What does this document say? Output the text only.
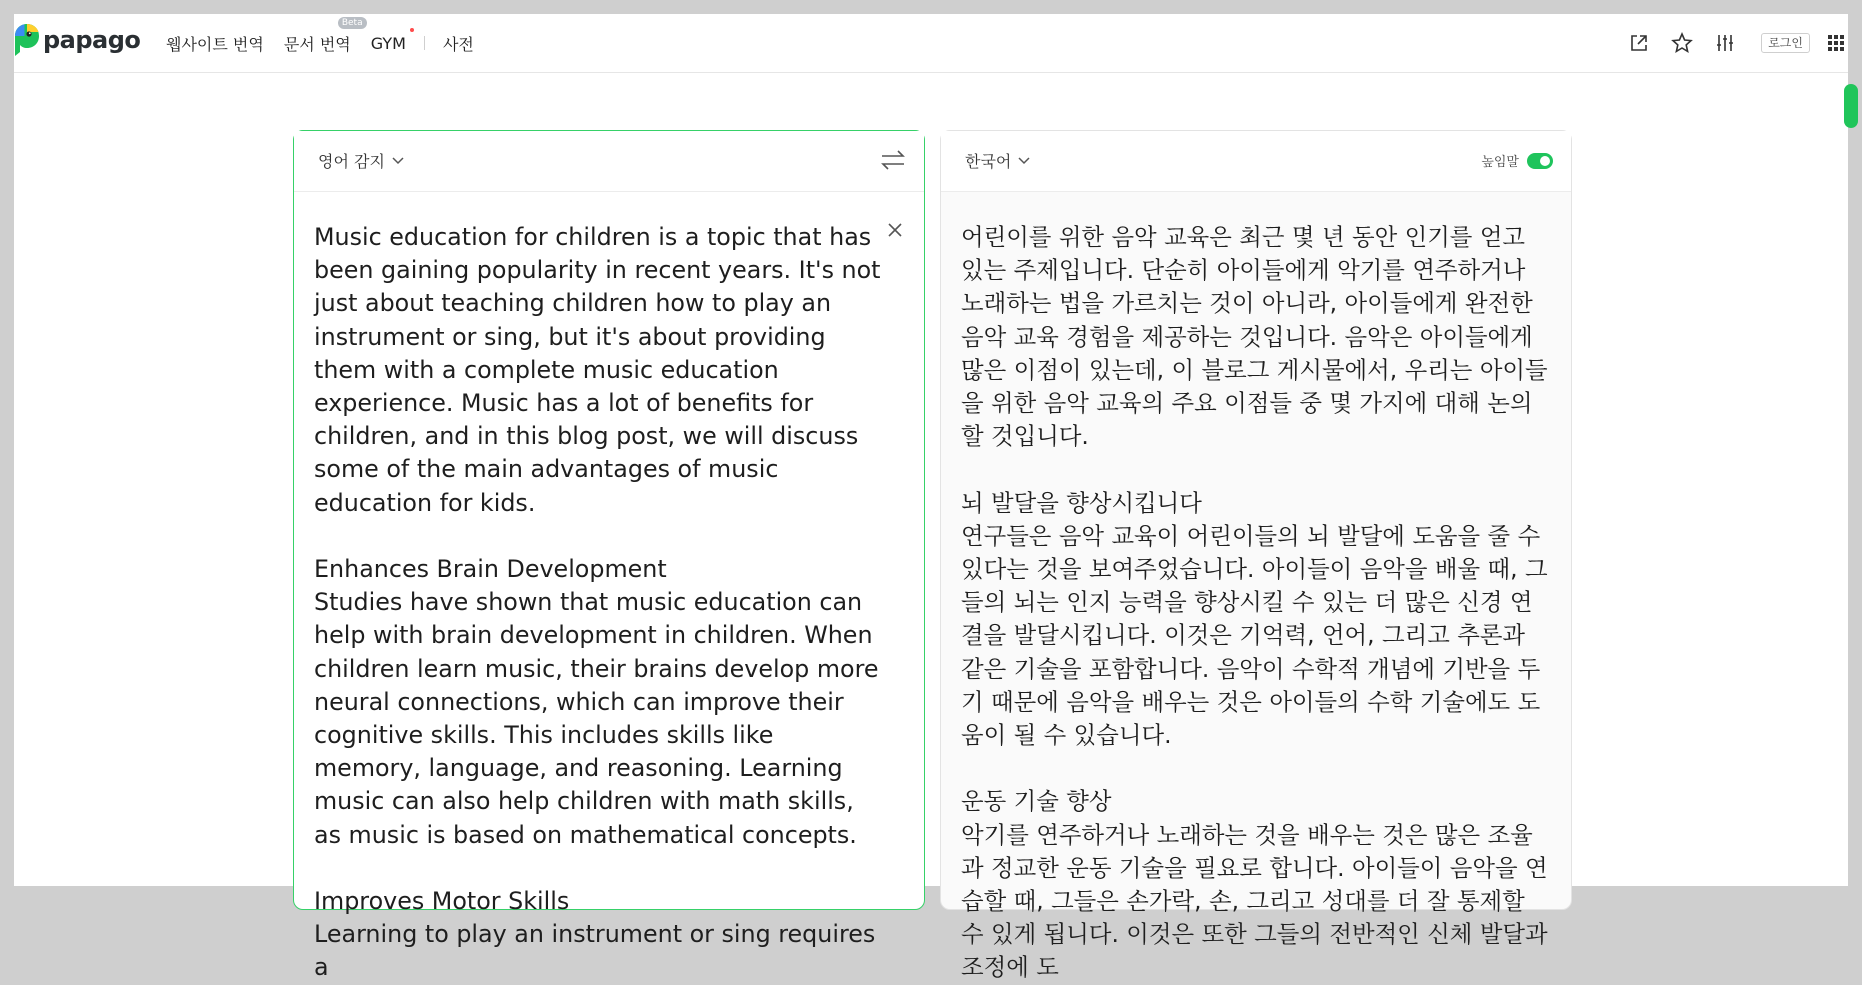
papago 웹사이트 번역 문서 번역
Beta
GYM 사전	로그인
영어 감지
Music education for children is a topic that has been gaining popularity in recent years. It's not just about teaching children how to play an instrument or sing, but it's about providing them with a complete music education experience. Music has a lot of benefits for children, and in this blog post, we will discuss some of the main advantages of music education for kids.

Enhances Brain Development
Studies have shown that music education can help with brain development in children. When children learn music, their brains develop more neural connections, which can improve their cognitive skills. This includes skills like memory, language, and reasoning. Learning music can also help children with math skills, as music is based on mathematical concepts.

Improves Motor Skills
Learning to play an instrument or sing requires a
한국어	높임말
어린이를 위한 음악 교육은 최근 몇 년 동안 인기를 얻고 있는 주제입니다. 단순히 아이들에게 악기를 연주하거나 노래하는 법을 가르치는 것이 아니라, 아이들에게 완전한 음악 교육 경험을 제공하는 것입니다. 음악은 아이들에게 많은 이점이 있는데, 이 블로그 게시물에서, 우리는 아이들을 위한 음악 교육의 주요 이점들 중 몇 가지에 대해 논의할 것입니다.

뇌 발달을 향상시킵니다
연구들은 음악 교육이 어린이들의 뇌 발달에 도움을 줄 수 있다는 것을 보여주었습니다. 아이들이 음악을 배울 때, 그들의 뇌는 인지 능력을 향상시킬 수 있는 더 많은 신경 연결을 발달시킵니다. 이것은 기억력, 언어, 그리고 추론과 같은 기술을 포함합니다. 음악이 수학적 개념에 기반을 두기 때문에 음악을 배우는 것은 아이들의 수학 기술에도 도움이 될 수 있습니다.

운동 기술 향상
악기를 연주하거나 노래하는 것을 배우는 것은 많은 조율과 정교한 운동 기술을 필요로 합니다. 아이들이 음악을 연습할 때, 그들은 손가락, 손, 그리고 성대를 더 잘 통제할 수 있게 됩니다. 이것은 또한 그들의 전반적인 신체 발달과 조정에 도
